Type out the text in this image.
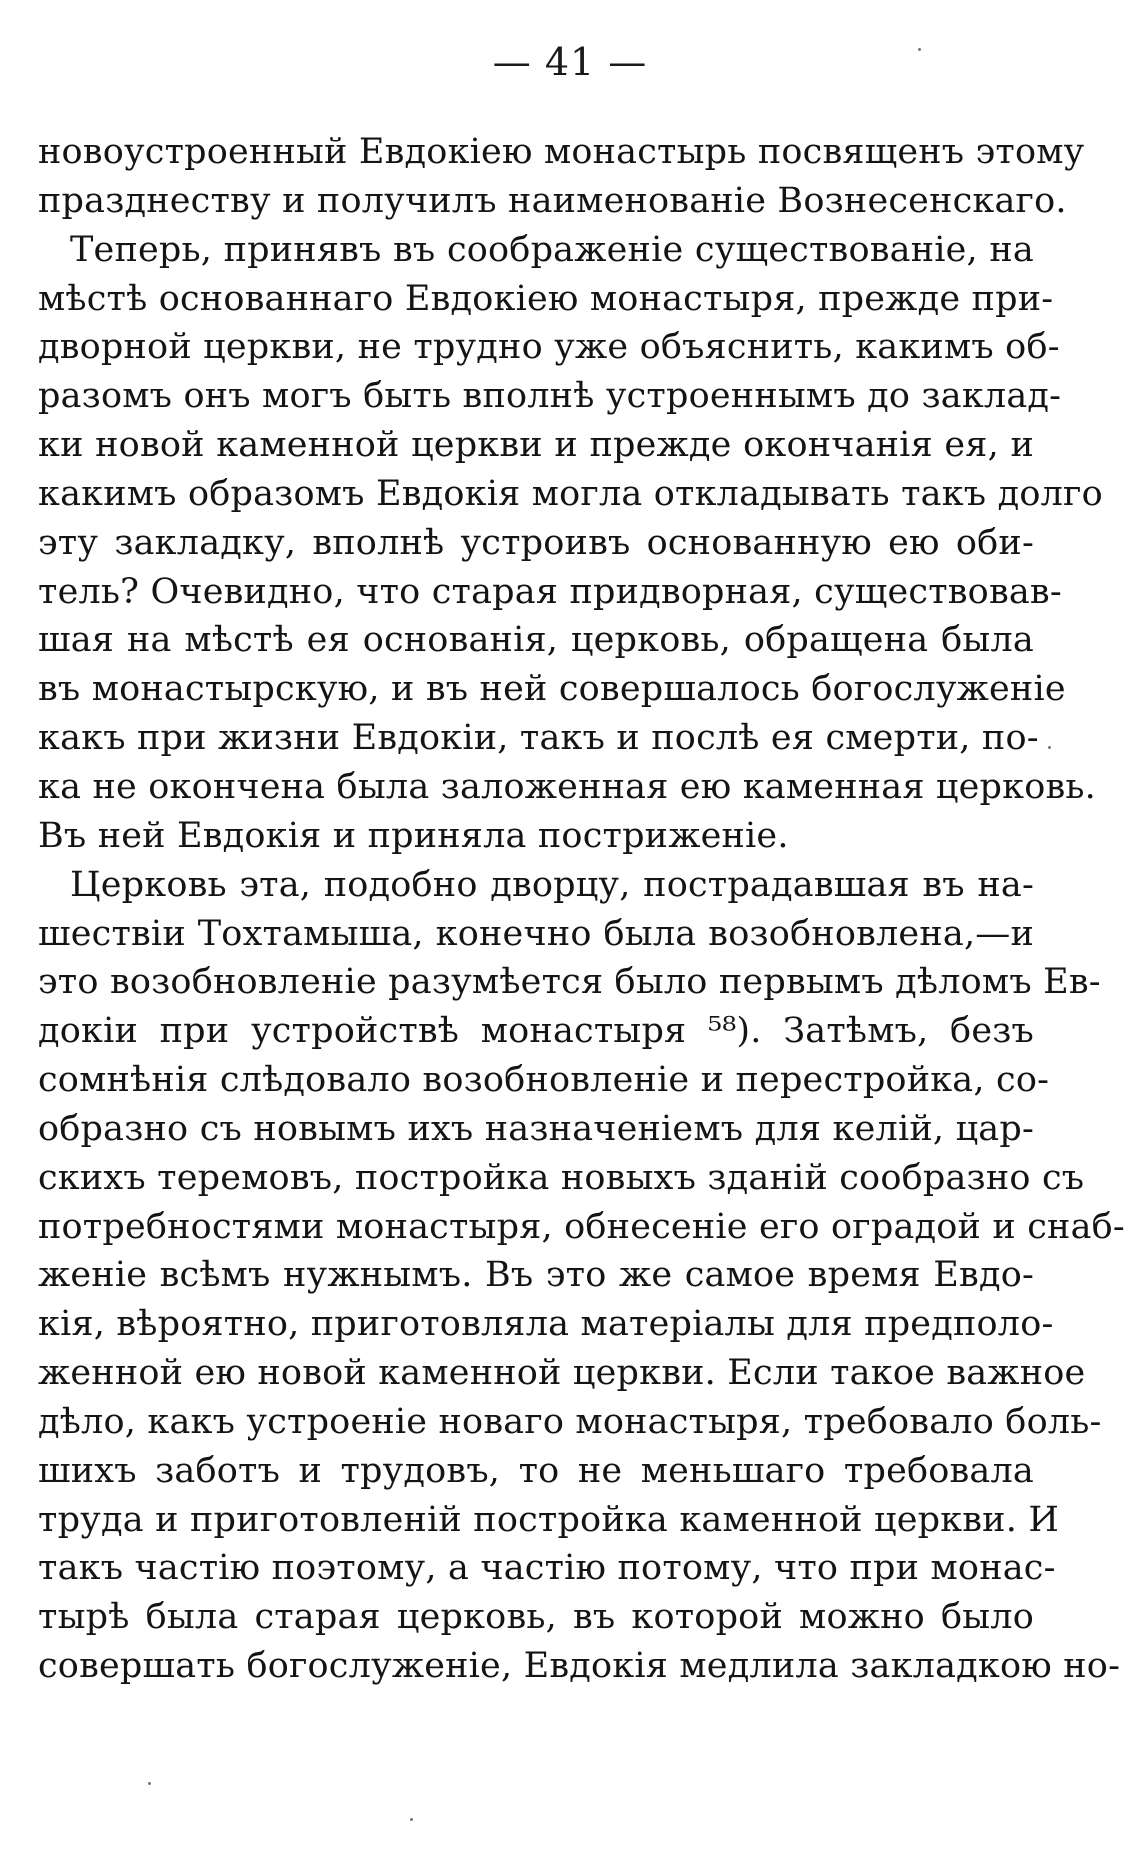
— 41 —
новоустроенный Евдокіею монастырь посвященъ этому
празднеству и получилъ наименованіе Вознесенскаго.
Теперь, принявъ въ соображеніе существованіе, на
мѣстѣ основаннаго Евдокіею монастыря, прежде при-
дворной церкви, не трудно уже объяснить, какимъ об-
разомъ онъ могъ быть вполнѣ устроеннымъ до заклад-
ки новой каменной церкви и прежде окончанія ея, и
какимъ образомъ Евдокія могла откладывать такъ долго
эту закладку, вполнѣ устроивъ основанную ею оби-
тель? Очевидно, что старая придворная, существовав-
шая на мѣстѣ ея основанія, церковь, обращена была
въ монастырскую, и въ ней совершалось богослуженіе
какъ при жизни Евдокіи, такъ и послѣ ея смерти, по-
ка не окончена была заложенная ею каменная церковь.
Въ ней Евдокія и приняла постриженіе.
Церковь эта, подобно дворцу, пострадавшая въ на-
шествіи Тохтамыша, конечно была возобновлена,—и
это возобновленіе разумѣется было первымъ дѣломъ Ев-
докіи при устройствѣ монастыря ⁵⁸). Затѣмъ, безъ
сомнѣнія слѣдовало возобновленіе и перестройка, со-
образно съ новымъ ихъ назначеніемъ для келій, цар-
скихъ теремовъ, постройка новыхъ зданій сообразно съ
потребностями монастыря, обнесеніе его оградой и снаб-
женіе всѣмъ нужнымъ. Въ это же самое время Евдо-
кія, вѣроятно, приготовляла матеріалы для предполо-
женной ею новой каменной церкви. Если такое важное
дѣло, какъ устроеніе новаго монастыря, требовало боль-
шихъ заботъ и трудовъ, то не меньшаго требовала
труда и приготовленій постройка каменной церкви. И
такъ частію поэтому, а частію потому, что при монас-
тырѣ была старая церковь, въ которой можно было
совершать богослуженіе, Евдокія медлила закладкою но-
